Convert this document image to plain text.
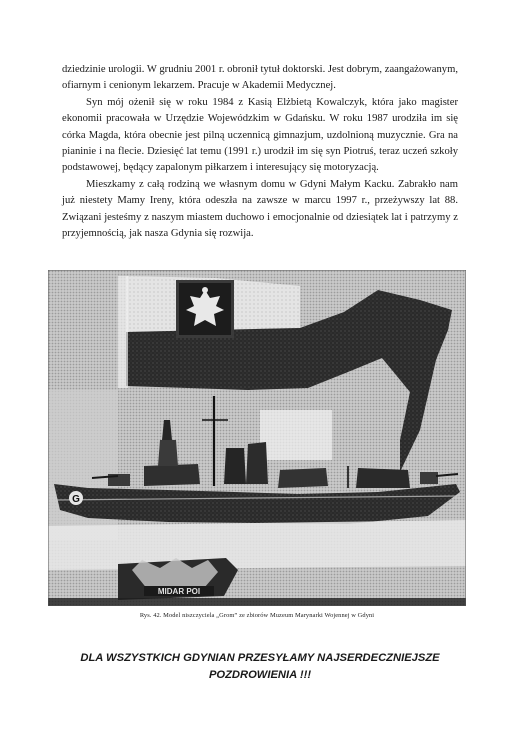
dziedzinie urologii. W grudniu 2001 r. obronił tytuł doktorski. Jest dobrym, zaangażowanym, ofiarnym i cenionym lekarzem. Pracuje w Akademii Medycznej.

Syn mój ożenił się w roku 1984 z Kasią Elżbietą Kowalczyk, która jako magister ekonomii pracowała w Urzędzie Wojewódzkim w Gdańsku. W roku 1987 urodziła im się córka Magda, która obecnie jest pilną uczennicą gimnazjum, uzdolnioną muzycznie. Gra na pianinie i na flecie. Dziesięć lat temu (1991 r.) urodził im się syn Piotruś, teraz uczeń szkoły podstawowej, będący zapalonym piłkarzem i interesujący się motoryzacją.

Mieszkamy z całą rodziną we własnym domu w Gdyni Małym Kacku. Zabrakło nam już niestety Mamy Ireny, która odeszła na zawsze w marcu 1997 r., przeżywszy lat 88. Związani jesteśmy z naszym miastem duchowo i emocjonalnie od dziesiątek lat i patrzymy z przyjemnością, jak nasza Gdynia się rozwija.

G
MIDAR POI
Rys. 42. Model niszczyciela „Grom” ze zbiorów Muzeum Marynarki Wojennej w Gdyni
DLA WSZYSTKICH GDYNIAN PRZESYŁAMY NAJSERDECZNIEJSZE
POZDROWIENIA !!!
